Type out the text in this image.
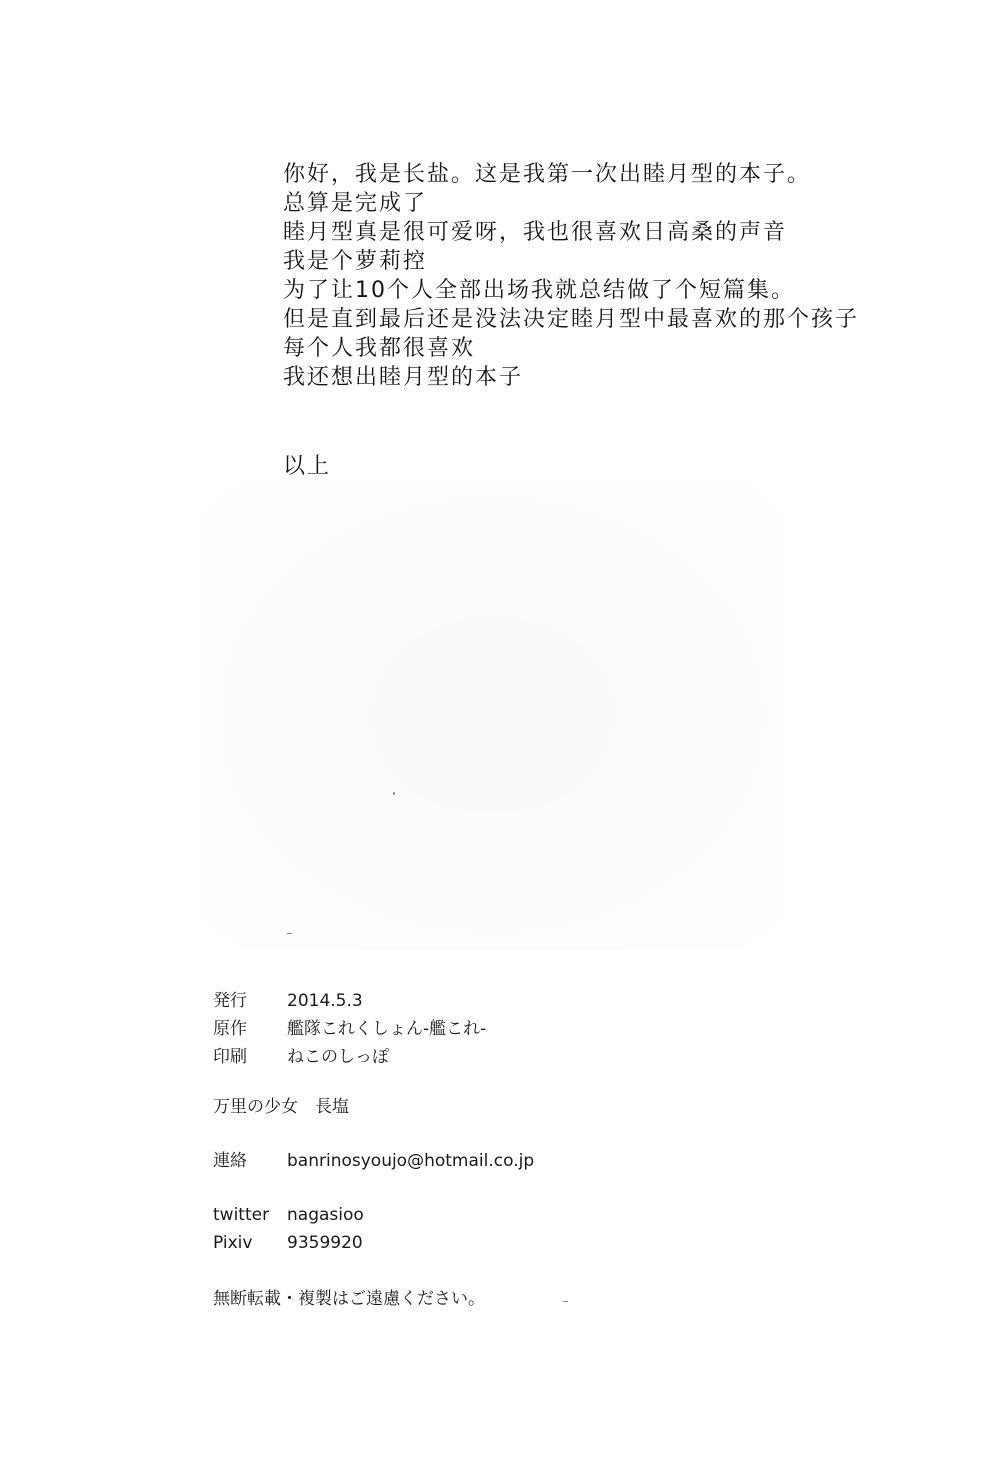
你好，我是长盐。这是我第一次出睦月型的本子。
总算是完成了
睦月型真是很可爱呀，我也很喜欢日高桑的声音
我是个萝莉控
为了让10个人全部出场我就总结做了个短篇集。
但是直到最后还是没法决定睦月型中最喜欢的那个孩子
每个人我都很喜欢
我还想出睦月型的本子
以上
発行	2014.5.3
原作	艦隊これくしょん-艦これ-
印刷	ねこのしっぽ
万里の少女　長塩
連絡	banrinosyoujo@hotmail.co.jp
twitter	nagasioo
Pixiv	9359920
無断転載・複製はご遠慮ください。
